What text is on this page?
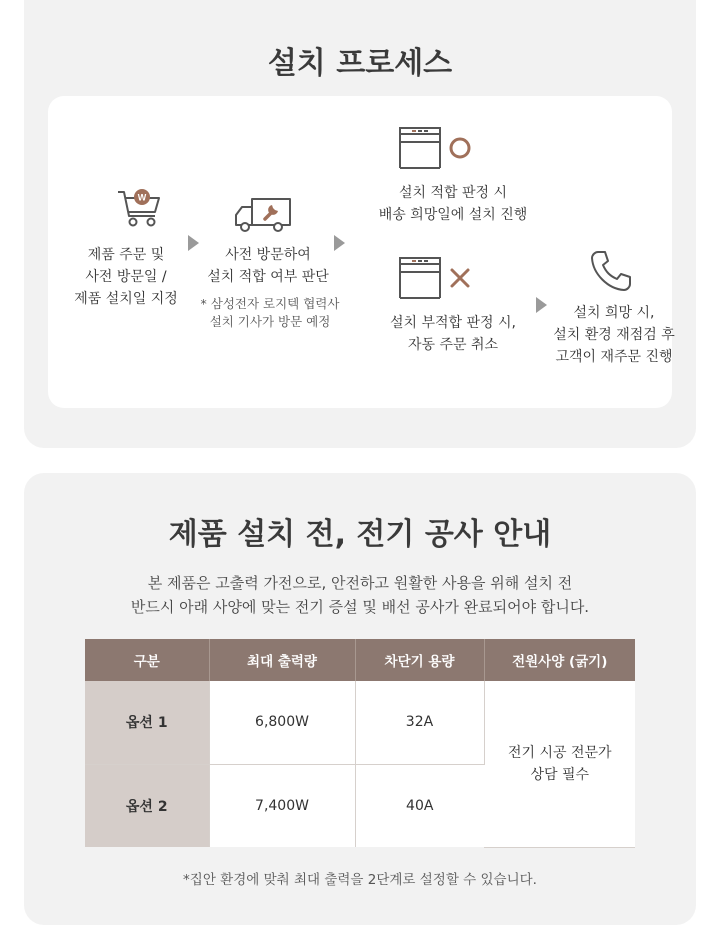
설치 프로세스
W
제품 주문 및
사전 방문일 /
제품 설치일 지정
사전 방문하여
설치 적합 여부 판단
* 삼성전자 로지텍 협력사
설치 기사가 방문 예정
설치 적합 판정 시
배송 희망일에 설치 진행
설치 부적합 판정 시,
자동 주문 취소
설치 희망 시,
설치 환경 재점검 후
고객이 재주문 진행
제품 설치 전, 전기 공사 안내
본 제품은 고출력 가전으로, 안전하고 원활한 사용을 위해 설치 전
반드시 아래 사양에 맞는 전기 증설 및 배선 공사가 완료되어야 합니다.
구분	최대 출력량	차단기 용량	전원사양 (굵기)
옵션 1	6,800W	32A	전기 시공 전문가
상담 필수

옵션 2	7,400W	40A	
*집안 환경에 맞춰 최대 출력을 2단계로 설정할 수 있습니다.
